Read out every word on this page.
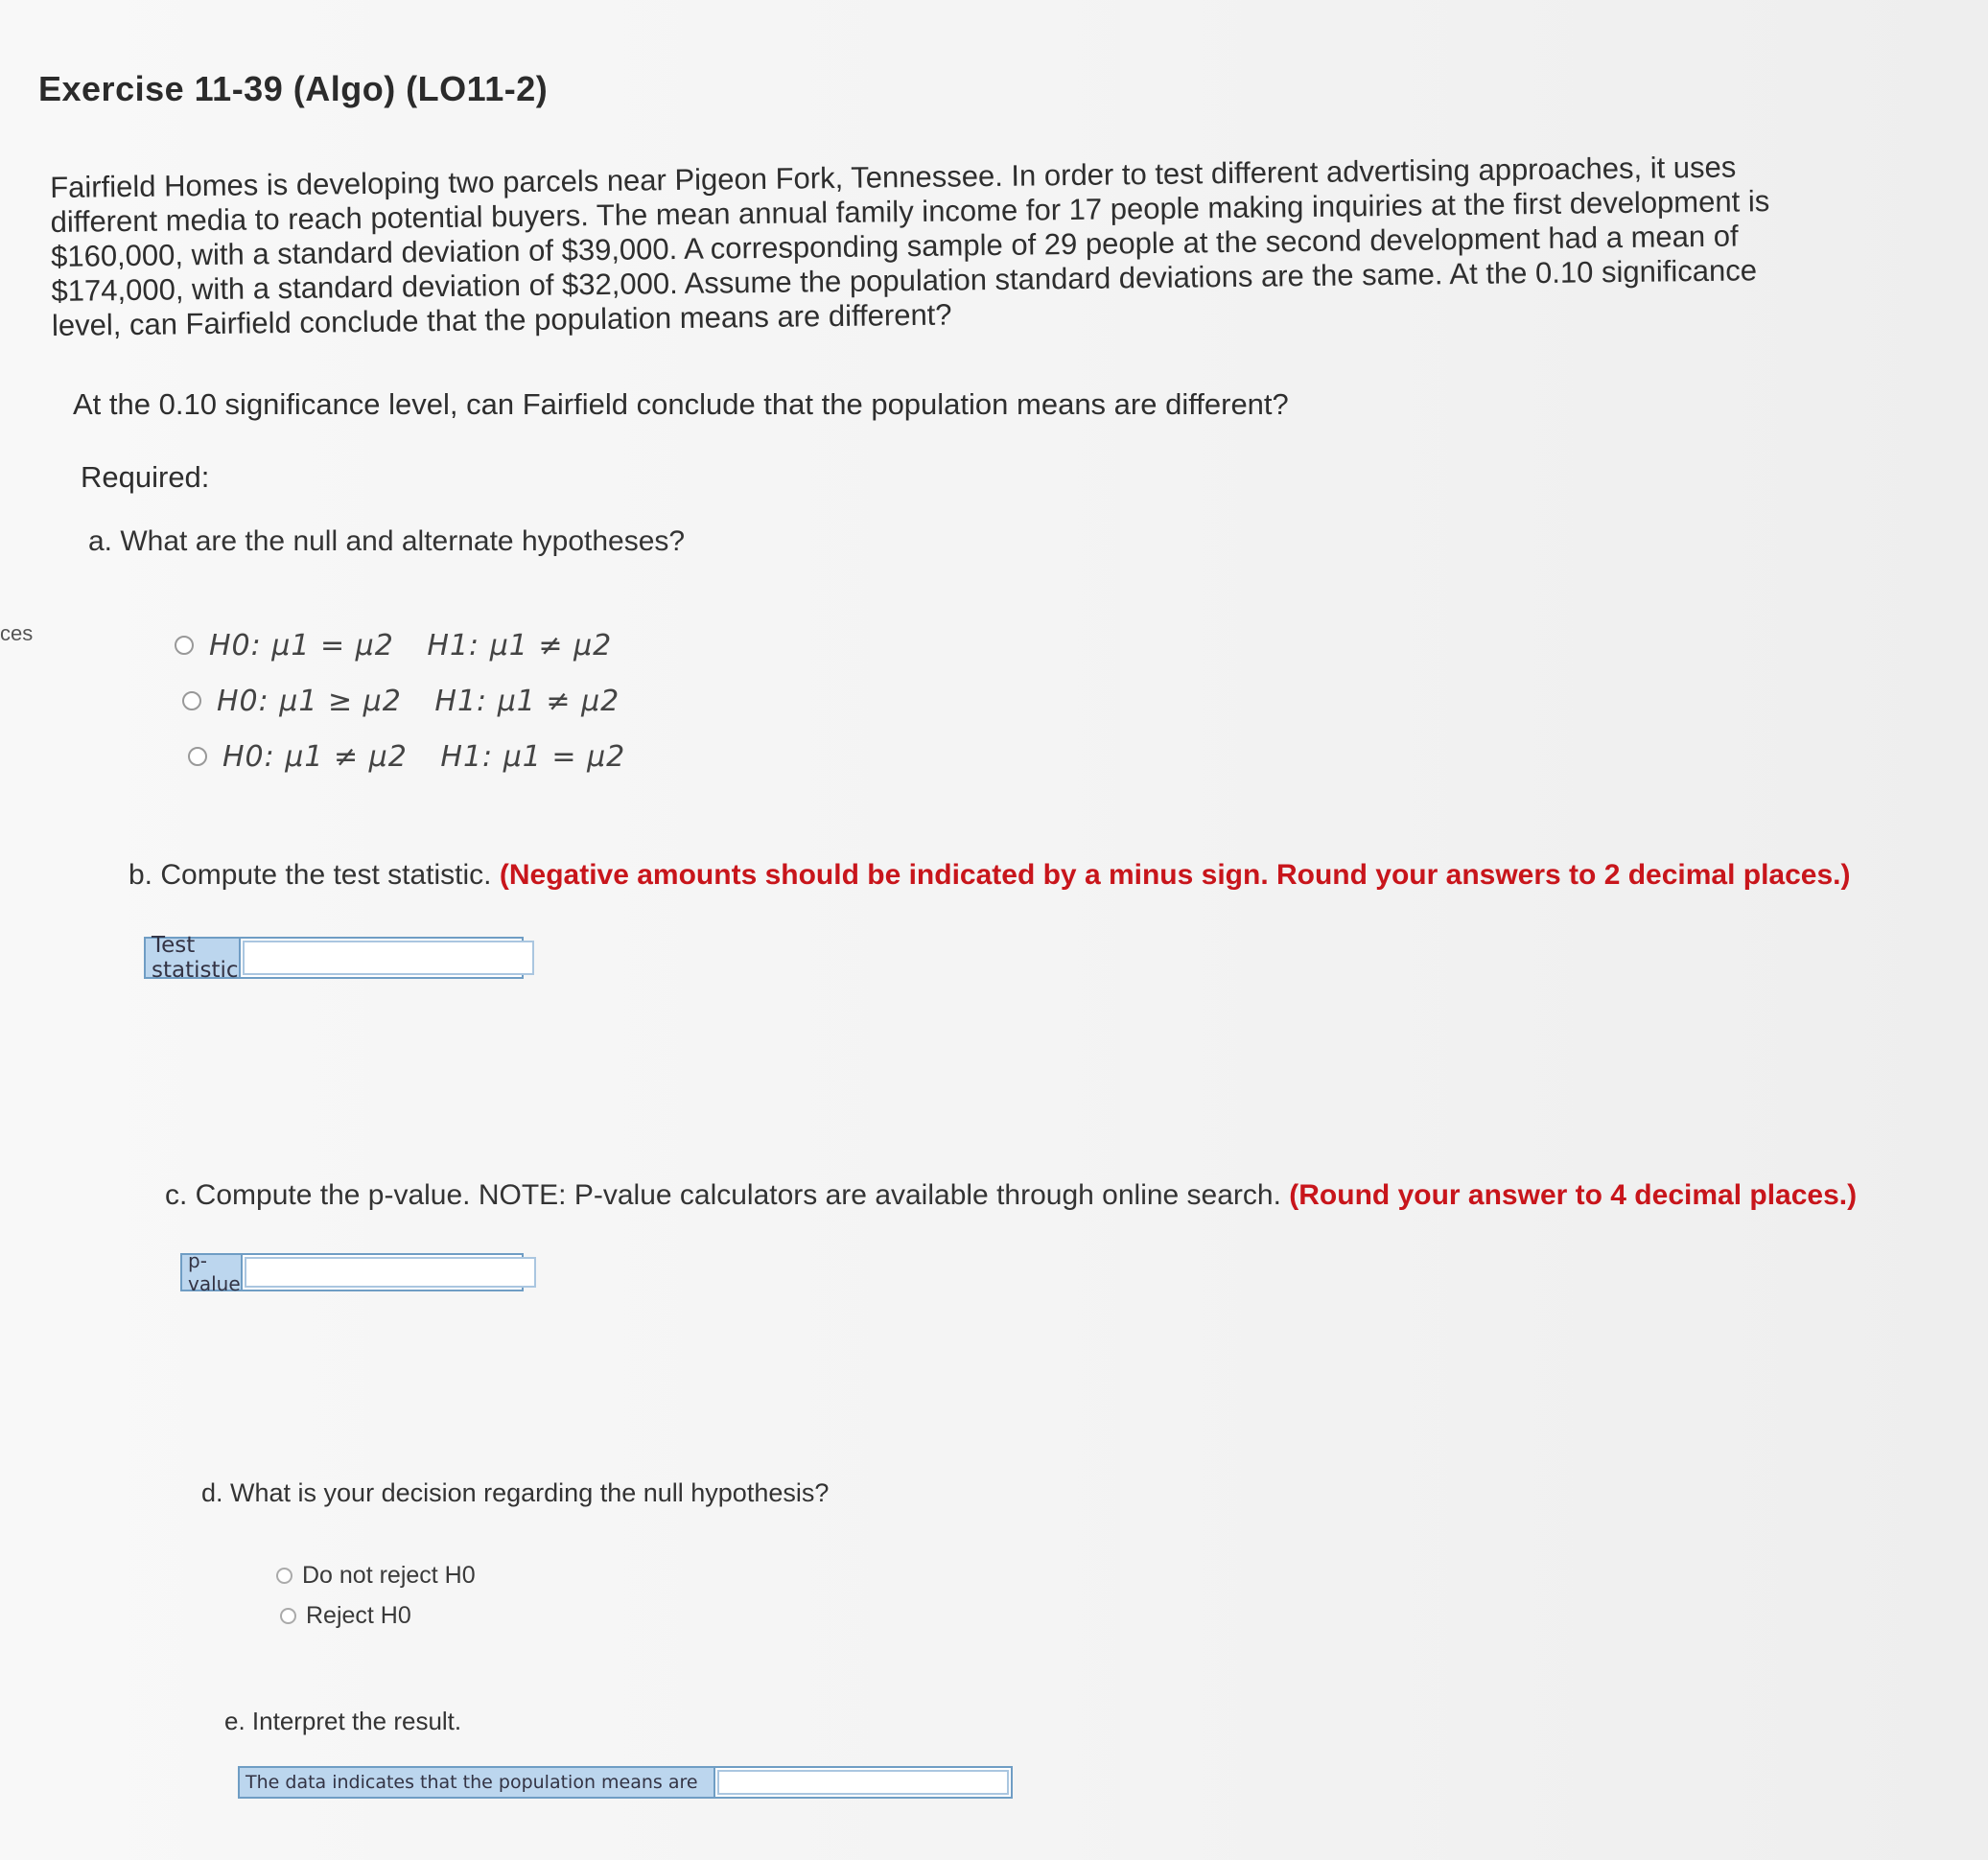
ces
Exercise 11-39 (Algo) (LO11-2)
Fairfield Homes is developing two parcels near Pigeon Fork, Tennessee. In order to test different advertising approaches, it uses different media to reach potential buyers. The mean annual family income for 17 people making inquiries at the first development is $160,000, with a standard deviation of $39,000. A corresponding sample of 29 people at the second development had a mean of $174,000, with a standard deviation of $32,000. Assume the population standard deviations are the same. At the 0.10 significance level, can Fairfield conclude that the population means are different?
At the 0.10 significance level, can Fairfield conclude that the population means are different?
Required:
a. What are the null and alternate hypotheses?
H0: μ1 = μ2 H1: μ1 ≠ μ2
H0: μ1 ≥ μ2 H1: μ1 ≠ μ2
H0: μ1 ≠ μ2 H1: μ1 = μ2
b. Compute the test statistic. (Negative amounts should be indicated by a minus sign. Round your answers to 2 decimal places.)
Test statistic
c. Compute the p-value. NOTE: P-value calculators are available through online search. (Round your answer to 4 decimal places.)
p-value
d. What is your decision regarding the null hypothesis?
Do not reject H0
Reject H0
e. Interpret the result.
The data indicates that the population means are
